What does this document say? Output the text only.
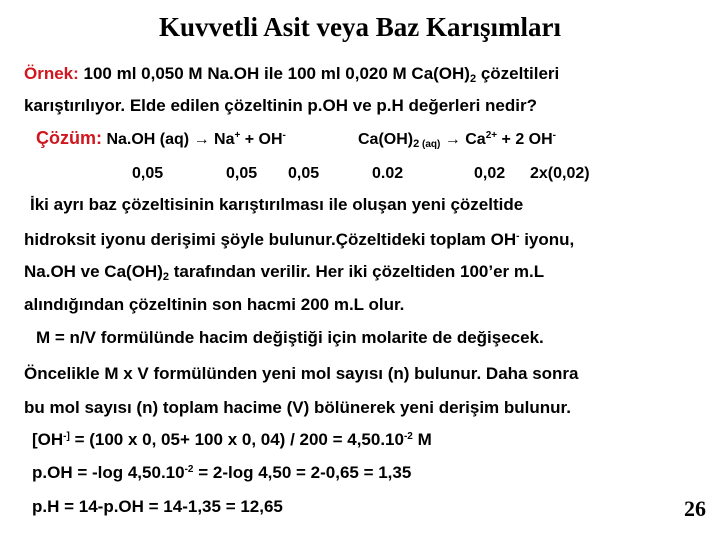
Kuvvetli Asit veya Baz Karışımları
Örnek: 100 ml 0,050 M Na.OH ile 100 ml 0,020 M $Ca(OH)_2$ çözeltileri
karıştırılıyor. Elde edilen çözeltinin p.OH ve p.H değerleri nedir?
Çözüm: Na.OH (aq) → Na+ + OH-	$Ca(OH)_2$ $_{(aq)} \to Ca^{2+} + 2$ OH-
0,05	0,05 0,05	0.02	0,02 2x(0,02)
İki ayrı baz çözeltisinin karıştırılması ile oluşan yeni çözeltide
hidroksit iyonu derişimi şöyle bulunur.Çözeltideki toplam OH- iyonu,
Na.OH ve $Ca(OH)_2$ tarafından verilir. Her iki çözeltiden 100’er m.L
alındığından çözeltinin son hacmi 200 m.L olur.
M = n/V formülünde hacim değiştiği için molarite de değişecek.
Öncelikle M x V formülünden yeni mol sayısı (n) bulunur. Daha sonra
bu mol sayısı (n) toplam hacime (V) bölünerek yeni derişim bulunur.
[OH-] = (100 x 0, 05+ 100 x 0, $04) / 200 = 4,50.10^{-2}$ M
p.OH = -log $4,50.10^{-2} = 2-\log$ 4,50 = 2-0,65 = 1,35
p.H = 14-p.OH = 14-1,35 = 12,65	26
